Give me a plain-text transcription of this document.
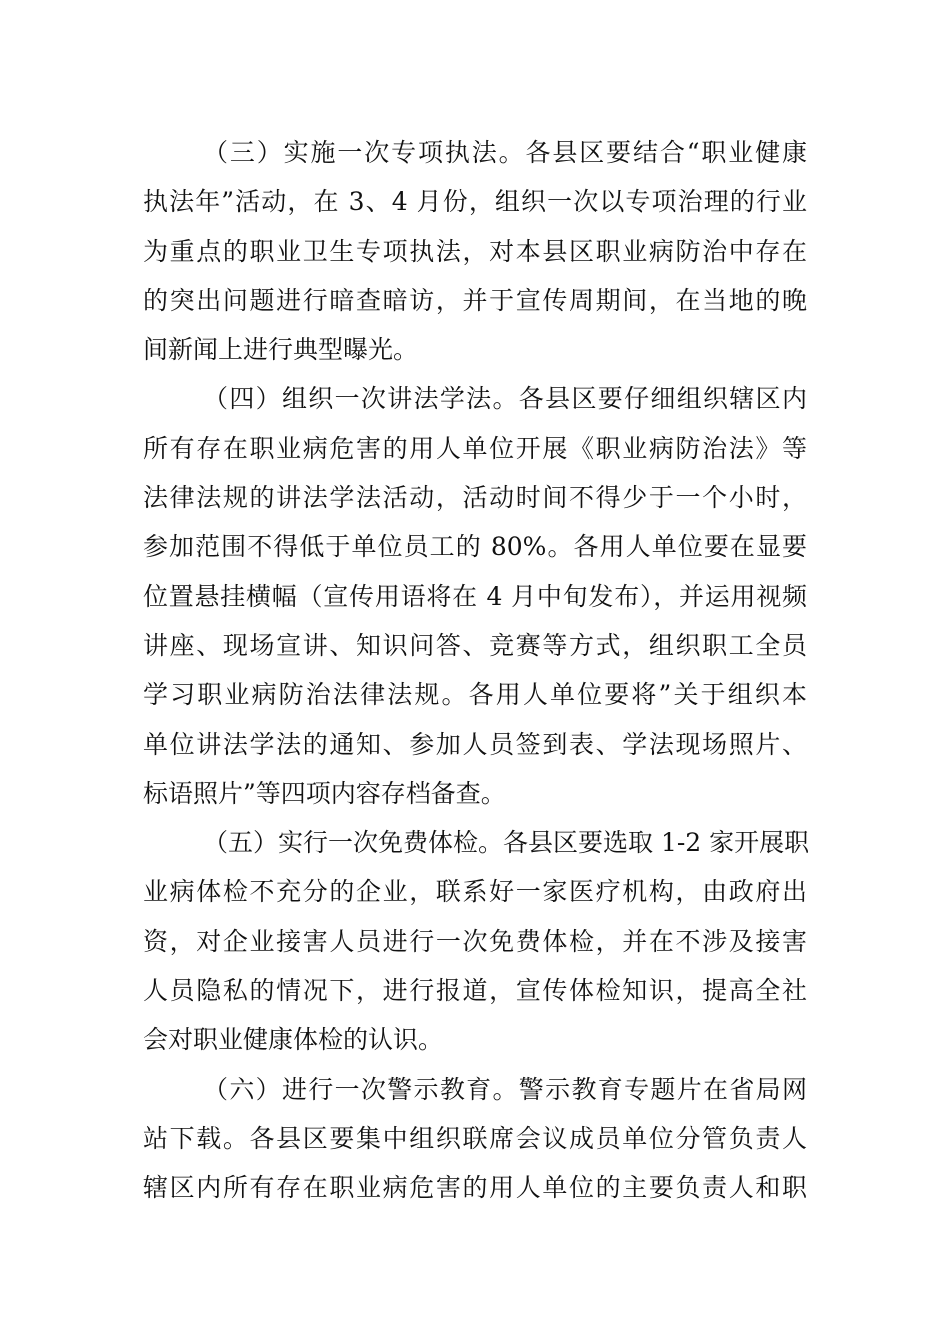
（三）实施一次专项执法。各县区要结合“职业健康
执法年”活动，在 3、4 月份，组织一次以专项治理的行业
为重点的职业卫生专项执法，对本县区职业病防治中存在
的突出问题进行暗查暗访，并于宣传周期间，在当地的晚
间新闻上进行典型曝光。

（四）组织一次讲法学法。各县区要仔细组织辖区内
所有存在职业病危害的用人单位开展《职业病防治法》等
法律法规的讲法学法活动，活动时间不得少于一个小时，
参加范围不得低于单位员工的 80%。各用人单位要在显要
位置悬挂横幅（宣传用语将在 4 月中旬发布），并运用视频
讲座、现场宣讲、知识问答、竞赛等方式，组织职工全员
学习职业病防治法律法规。各用人单位要将”关于组织本
单位讲法学法的通知、参加人员签到表、学法现场照片、
标语照片”等四项内容存档备查。

（五）实行一次免费体检。各县区要选取 1-2 家开展职
业病体检不充分的企业，联系好一家医疗机构，由政府出
资，对企业接害人员进行一次免费体检，并在不涉及接害
人员隐私的情况下，进行报道，宣传体检知识，提高全社
会对职业健康体检的认识。

（六）进行一次警示教育。警示教育专题片在省局网
站下载。各县区要集中组织联席会议成员单位分管负责人
辖区内所有存在职业病危害的用人单位的主要负责人和职
